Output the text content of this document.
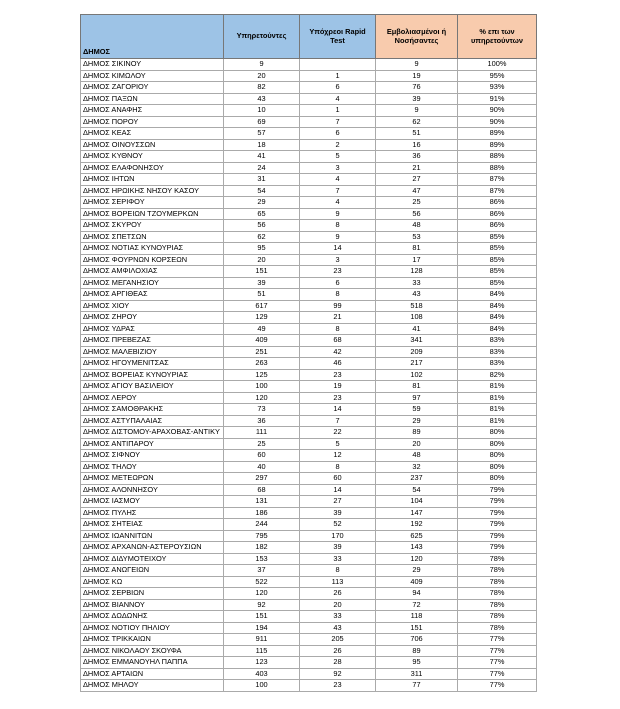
ΔΗΜΟΣ	Υπηρετούντες	Υπόχρεοι Rapid Test	Εμβολιασμένοι ή Νοσήσαντες	% επι των υπηρετούντων
ΔΗΜΟΣ ΣΙΚΙΝΟΥ	9		9	100%
ΔΗΜΟΣ ΚΙΜΩΛΟΥ	20	1	19	95%
ΔΗΜΟΣ ΖΑΓΟΡΙΟΥ	82	6	76	93%
ΔΗΜΟΣ ΠΑΞΩΝ	43	4	39	91%
ΔΗΜΟΣ ΑΝΑΦΗΣ	10	1	9	90%
ΔΗΜΟΣ ΠΟΡΟΥ	69	7	62	90%
ΔΗΜΟΣ ΚΕΑΣ	57	6	51	89%
ΔΗΜΟΣ ΟΙΝΟΥΣΣΩΝ	18	2	16	89%
ΔΗΜΟΣ ΚΥΘΝΟΥ	41	5	36	88%
ΔΗΜΟΣ ΕΛΑΦΟΝΗΣΟΥ	24	3	21	88%
ΔΗΜΟΣ ΙΗΤΩΝ	31	4	27	87%
ΔΗΜΟΣ ΗΡΩΙΚΗΣ ΝΗΣΟΥ ΚΑΣΟΥ	54	7	47	87%
ΔΗΜΟΣ ΣΕΡΙΦΟΥ	29	4	25	86%
ΔΗΜΟΣ ΒΟΡΕΙΩΝ ΤΖΟΥΜΕΡΚΩΝ	65	9	56	86%
ΔΗΜΟΣ ΣΚΥΡΟΥ	56	8	48	86%
ΔΗΜΟΣ ΣΠΕΤΣΩΝ	62	9	53	85%
ΔΗΜΟΣ ΝΟΤΙΑΣ ΚΥΝΟΥΡΙΑΣ	95	14	81	85%
ΔΗΜΟΣ ΦΟΥΡΝΩΝ ΚΟΡΣΕΩΝ	20	3	17	85%
ΔΗΜΟΣ ΑΜΦΙΛΟΧΙΑΣ	151	23	128	85%
ΔΗΜΟΣ ΜΕΓΑΝΗΣΙΟΥ	39	6	33	85%
ΔΗΜΟΣ ΑΡΓΙΘΕΑΣ	51	8	43	84%
ΔΗΜΟΣ ΧΙΟΥ	617	99	518	84%
ΔΗΜΟΣ ΖΗΡΟΥ	129	21	108	84%
ΔΗΜΟΣ ΥΔΡΑΣ	49	8	41	84%
ΔΗΜΟΣ ΠΡΕΒΕΖΑΣ	409	68	341	83%
ΔΗΜΟΣ ΜΑΛΕΒΙΖΙΟΥ	251	42	209	83%
ΔΗΜΟΣ ΗΓΟΥΜΕΝΙΤΣΑΣ	263	46	217	83%
ΔΗΜΟΣ ΒΟΡΕΙΑΣ ΚΥΝΟΥΡΙΑΣ	125	23	102	82%
ΔΗΜΟΣ ΑΓΙΟΥ ΒΑΣΙΛΕΙΟΥ	100	19	81	81%
ΔΗΜΟΣ ΛΕΡΟΥ	120	23	97	81%
ΔΗΜΟΣ ΣΑΜΟΘΡΑΚΗΣ	73	14	59	81%
ΔΗΜΟΣ ΑΣΤΥΠΑΛΑΙΑΣ	36	7	29	81%
ΔΗΜΟΣ ΔΙΣΤΟΜΟΥ-ΑΡΑΧΟΒΑΣ-ΑΝΤΙΚΥ	111	22	89	80%
ΔΗΜΟΣ ΑΝΤΙΠΑΡΟΥ	25	5	20	80%
ΔΗΜΟΣ ΣΙΦΝΟΥ	60	12	48	80%
ΔΗΜΟΣ ΤΗΛΟΥ	40	8	32	80%
ΔΗΜΟΣ ΜΕΤΕΩΡΩΝ	297	60	237	80%
ΔΗΜΟΣ ΑΛΟΝΝΗΣΟΥ	68	14	54	79%
ΔΗΜΟΣ ΙΑΣΜΟΥ	131	27	104	79%
ΔΗΜΟΣ ΠΥΛΗΣ	186	39	147	79%
ΔΗΜΟΣ ΣΗΤΕΙΑΣ	244	52	192	79%
ΔΗΜΟΣ ΙΩΑΝΝΙΤΩΝ	795	170	625	79%
ΔΗΜΟΣ ΑΡΧΑΝΩΝ-ΑΣΤΕΡΟΥΣΙΩΝ	182	39	143	79%
ΔΗΜΟΣ ΔΙΔΥΜΟΤΕΙΧΟΥ	153	33	120	78%
ΔΗΜΟΣ ΑΝΩΓΕΙΩΝ	37	8	29	78%
ΔΗΜΟΣ ΚΩ	522	113	409	78%
ΔΗΜΟΣ ΣΕΡΒΙΩΝ	120	26	94	78%
ΔΗΜΟΣ ΒΙΑΝΝΟΥ	92	20	72	78%
ΔΗΜΟΣ ΔΩΔΩΝΗΣ	151	33	118	78%
ΔΗΜΟΣ ΝΟΤΙΟΥ ΠΗΛΙΟΥ	194	43	151	78%
ΔΗΜΟΣ ΤΡΙΚΚΑΙΩΝ	911	205	706	77%
ΔΗΜΟΣ ΝΙΚΟΛΑΟΥ ΣΚΟΥΦΑ	115	26	89	77%
ΔΗΜΟΣ ΕΜΜΑΝΟΥΗΛ ΠΑΠΠΑ	123	28	95	77%
ΔΗΜΟΣ ΑΡΤΑΙΩΝ	403	92	311	77%
ΔΗΜΟΣ ΜΗΛΟΥ	100	23	77	77%
